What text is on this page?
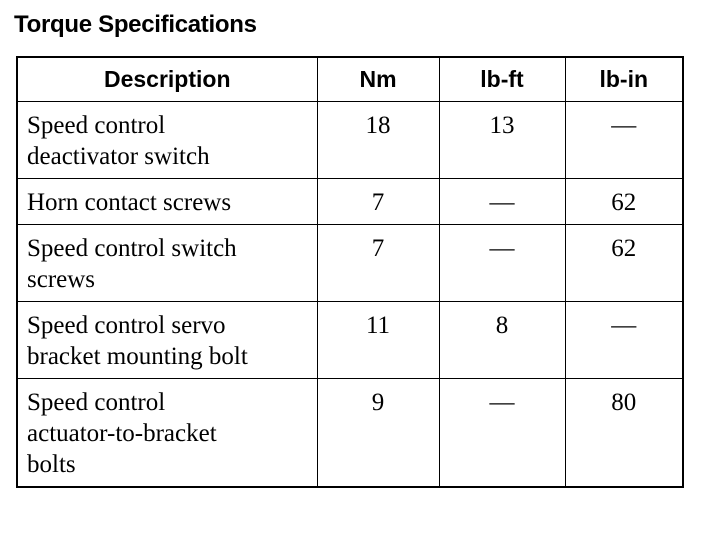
Torque Specifications
Description	Nm	lb-ft	lb-in

Speed control
deactivator switch	18	13	—

Horn contact screws	7	—	62

Speed control switch
screws	7	—	62

Speed control servo
bracket mounting bolt	11	8	—

Speed control
actuator-to-bracket
bolts	9	—	80
